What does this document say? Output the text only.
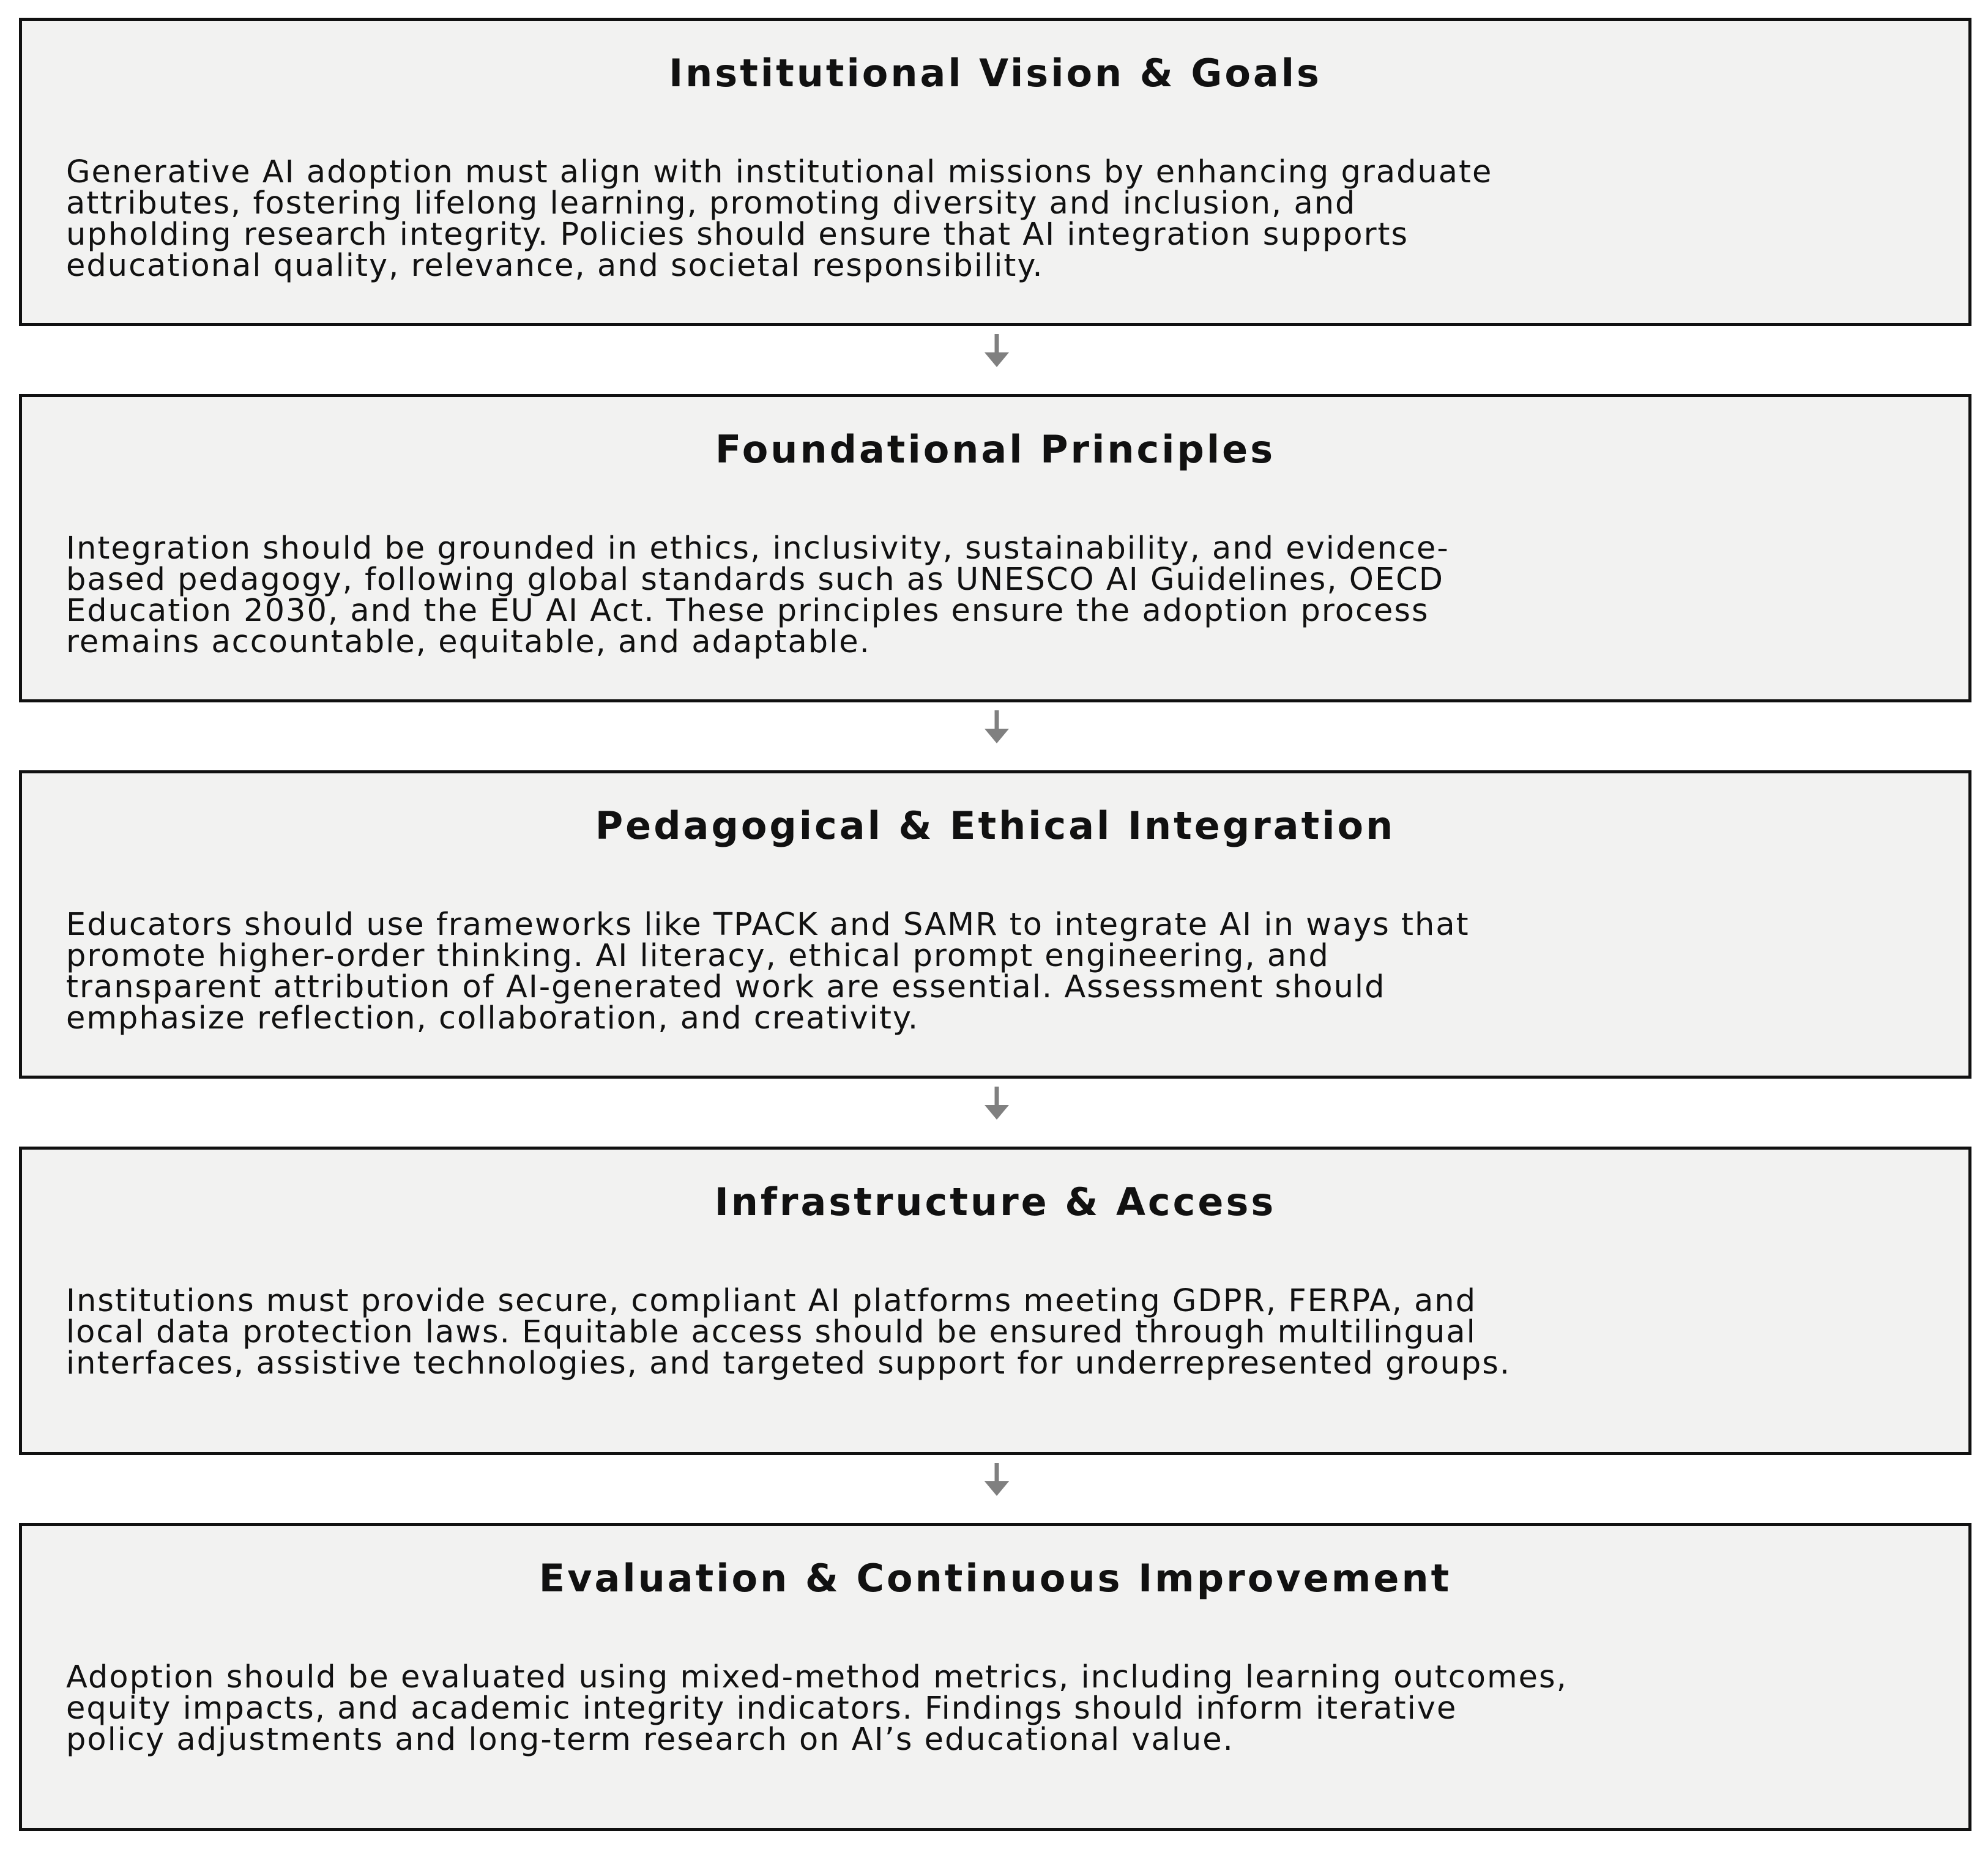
Institutional Vision & Goals

Generative AI adoption must align with institutional missions by enhancing graduate
attributes, fostering lifelong learning, promoting diversity and inclusion, and
upholding research integrity. Policies should ensure that AI integration supports
educational quality, relevance, and societal responsibility.

Foundational Principles

Integration should be grounded in ethics, inclusivity, sustainability, and evidence-
based pedagogy, following global standards such as UNESCO AI Guidelines, OECD
Education 2030, and the EU AI Act. These principles ensure the adoption process
remains accountable, equitable, and adaptable.

Pedagogical & Ethical Integration

Educators should use frameworks like TPACK and SAMR to integrate AI in ways that
promote higher-order thinking. AI literacy, ethical prompt engineering, and
transparent attribution of AI-generated work are essential. Assessment should
emphasize reflection, collaboration, and creativity.

Infrastructure & Access

Institutions must provide secure, compliant AI platforms meeting GDPR, FERPA, and
local data protection laws. Equitable access should be ensured through multilingual
interfaces, assistive technologies, and targeted support for underrepresented groups.

Evaluation & Continuous Improvement

Adoption should be evaluated using mixed-method metrics, including learning outcomes,
equity impacts, and academic integrity indicators. Findings should inform iterative
policy adjustments and long-term research on AI’s educational value.
